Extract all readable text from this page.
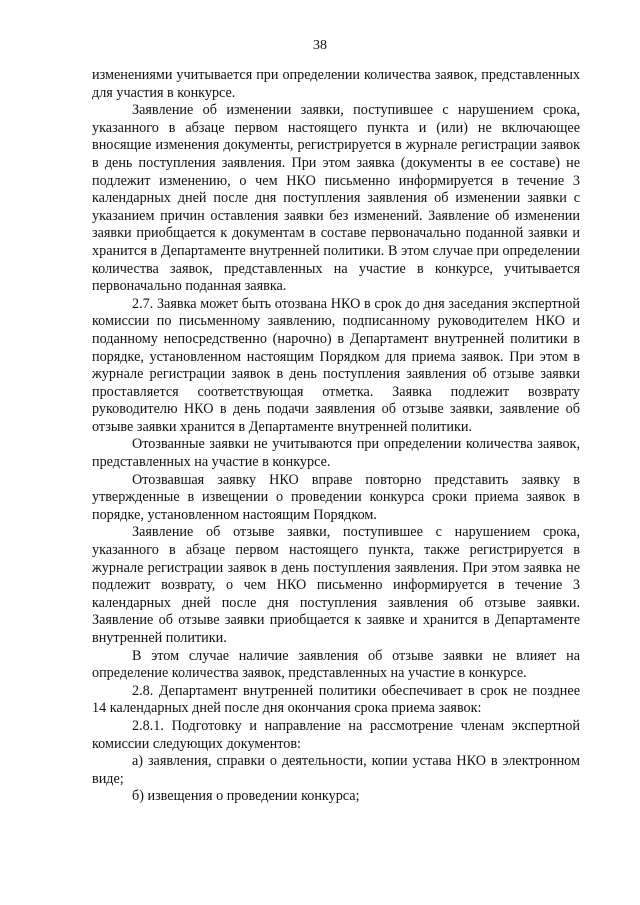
38

изменениями учитывается при определении количества заявок, представленных для участия в конкурсе.

Заявление об изменении заявки, поступившее с нарушением срока, указанного в абзаце первом настоящего пункта и (или) не включающее вносящие изменения документы, регистрируется в журнале регистрации заявок в день поступления заявления. При этом заявка (документы в ее составе) не подлежит изменению, о чем НКО письменно информируется в течение 3 календарных дней после дня поступления заявления об изменении заявки с указанием причин оставления заявки без изменений. Заявление об изменении заявки приобщается к документам в составе первоначально поданной заявки и хранится в Департаменте внутренней политики. В этом случае при определении количества заявок, представленных на участие в конкурсе, учитывается первоначально поданная заявка.

2.7. Заявка может быть отозвана НКО в срок до дня заседания экспертной комиссии по письменному заявлению, подписанному руководителем НКО и поданному непосредственно (нарочно) в Департамент внутренней политики в порядке, установленном настоящим Порядком для приема заявок. При этом в журнале регистрации заявок в день поступления заявления об отзыве заявки проставляется соответствующая отметка. Заявка подлежит возврату руководителю НКО в день подачи заявления об отзыве заявки, заявление об отзыве заявки хранится в Департаменте внутренней политики.

Отозванные заявки не учитываются при определении количества заявок, представленных на участие в конкурсе.

Отозвавшая заявку НКО вправе повторно представить заявку в утвержденные в извещении о проведении конкурса сроки приема заявок в порядке, установленном настоящим Порядком.

Заявление об отзыве заявки, поступившее с нарушением срока, указанного в абзаце первом настоящего пункта, также регистрируется в журнале регистрации заявок в день поступления заявления. При этом заявка не подлежит возврату, о чем НКО письменно информируется в течение 3 календарных дней после дня поступления заявления об отзыве заявки. Заявление об отзыве заявки приобщается к заявке и хранится в Департаменте внутренней политики.

В этом случае наличие заявления об отзыве заявки не влияет на определение количества заявок, представленных на участие в конкурсе.

2.8. Департамент внутренней политики обеспечивает в срок не позднее 14 календарных дней после дня окончания срока приема заявок:

2.8.1. Подготовку и направление на рассмотрение членам экспертной комиссии следующих документов:

а) заявления, справки о деятельности, копии устава НКО в электронном виде;

б) извещения о проведении конкурса;
